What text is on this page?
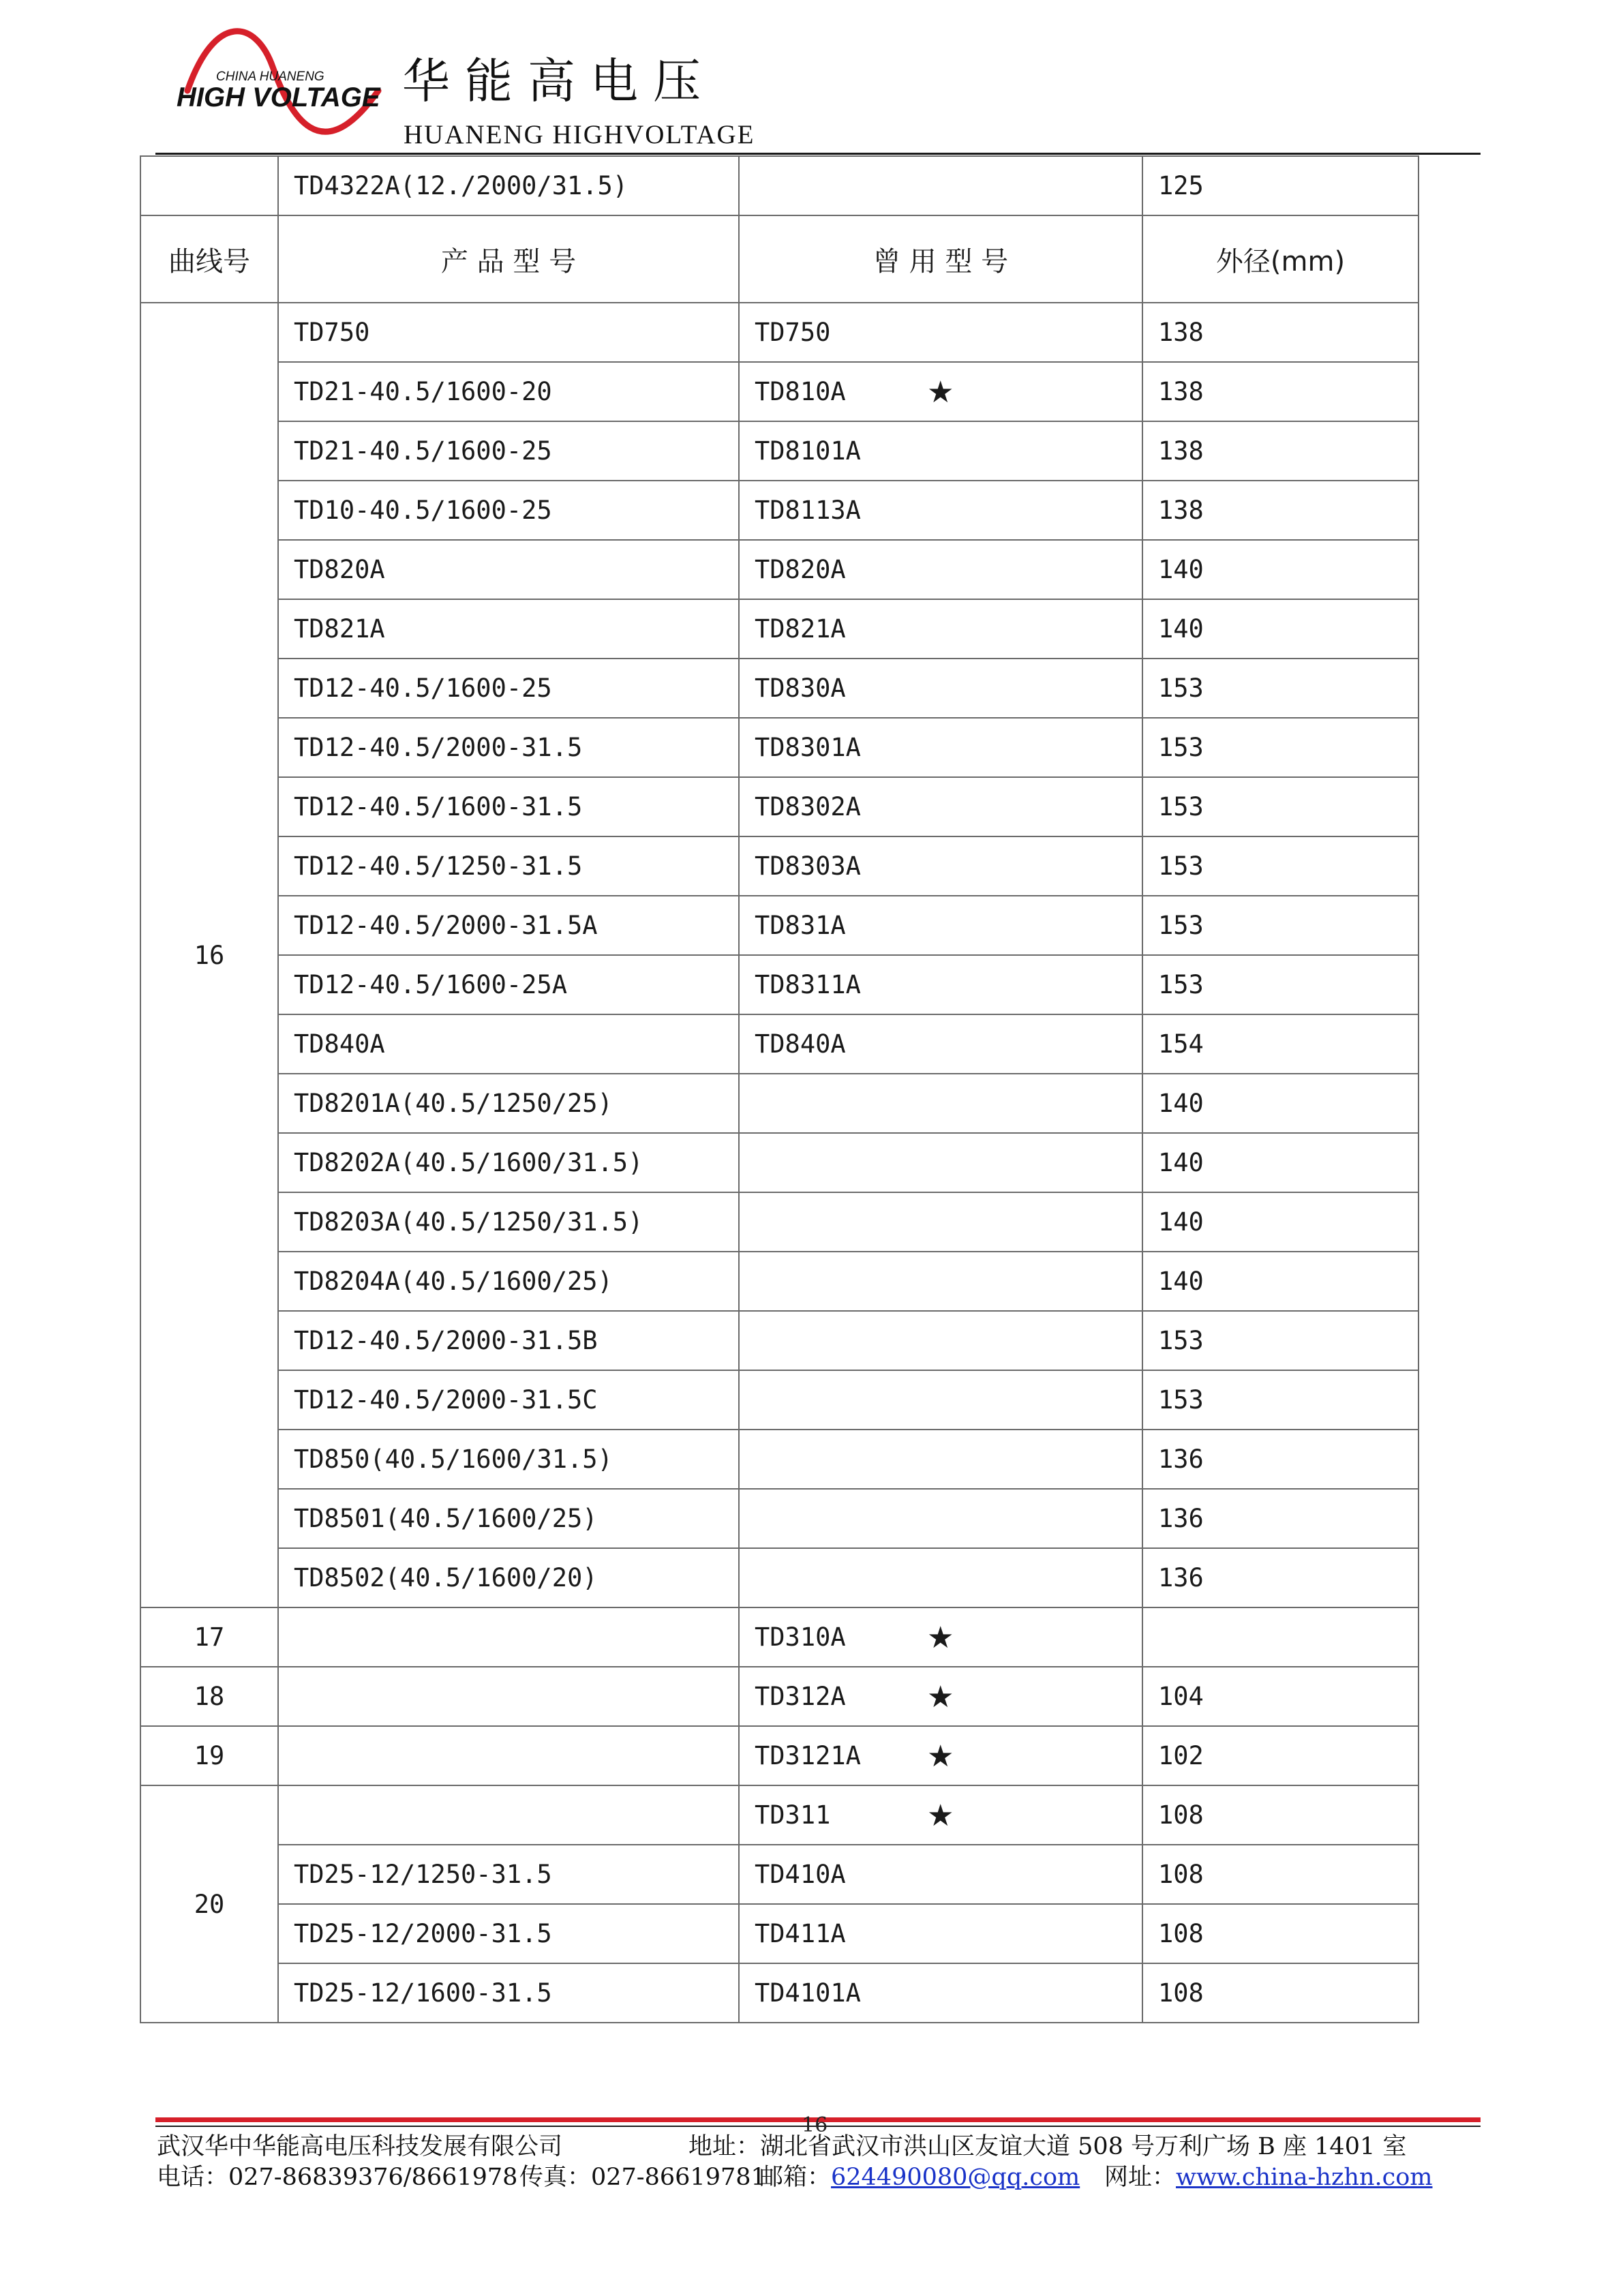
CHINA HUANENG
HIGH VOLTAGE 华能高电压
HUANENG HIGHVOLTAGE
	TD4322A(12./2000/31.5)		125
曲线号	产 品 型 号	曾 用 型 号	外径(mm)
16	TD750	TD750	138
	TD21-40.5/1600-20	TD810A ★	138
	TD21-40.5/1600-25	TD8101A	138
	TD10-40.5/1600-25	TD8113A	138
	TD820A	TD820A	140
	TD821A	TD821A	140
	TD12-40.5/1600-25	TD830A	153
	TD12-40.5/2000-31.5	TD8301A	153
	TD12-40.5/1600-31.5	TD8302A	153
	TD12-40.5/1250-31.5	TD8303A	153
	TD12-40.5/2000-31.5A	TD831A	153
	TD12-40.5/1600-25A	TD8311A	153
	TD840A	TD840A	154
	TD8201A(40.5/1250/25)		140
	TD8202A(40.5/1600/31.5)		140
	TD8203A(40.5/1250/31.5)		140
	TD8204A(40.5/1600/25)		140
	TD12-40.5/2000-31.5B		153
	TD12-40.5/2000-31.5C		153
	TD850(40.5/1600/31.5)		136
	TD8501(40.5/1600/25)		136
	TD8502(40.5/1600/20)		136
17		TD310A ★	

18		TD312A ★	104
19		TD3121A ★	102
20		TD311 ★	108
	TD25-12/1250-31.5	TD410A	108
	TD25-12/2000-31.5	TD411A	108
	TD25-12/1600-31.5	TD4101A	108
16
武汉华中华能高电压科技发展有限公司	地址：湖北省武汉市洪山区友谊大道 508 号万利广场 B 座 1401 室
电话：027-86839376/8661978 传真：027-86619781
邮箱：624490080@qq.com 网址：www.china-hzhn.com
